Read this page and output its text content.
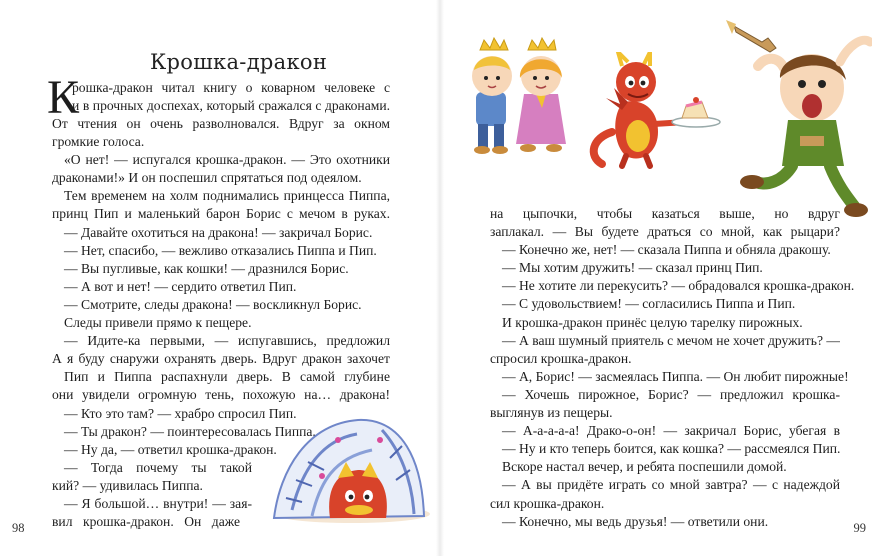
Крошка-дракон
К
рошка-дракон читал книгу о коварном человеке с
и в прочных доспехах, который сражался с драконами.
От чтения он очень разволновался. Вдруг за окном
громкие голоса.
«О нет! — испугался крошка-дракон. — Это охотники
драконами!» И он поспешил спрятаться под одеялом.
Тем временем на холм поднимались принцесса Пиппа,
принц Пип и маленький барон Борис с мечом в руках.
— Давайте охотиться на дракона! — закричал Борис.
— Нет, спасибо, — вежливо отказались Пиппа и Пип.
— Вы пугливые, как кошки! — дразнился Борис.
— А вот и нет! — сердито ответил Пип.
— Смотрите, следы дракона! — воскликнул Борис.
Следы привели прямо к пещере.
— Идите-ка первыми, — испугавшись, предложил
А я буду снаружи охранять дверь. Вдруг дракон захочет
Пип и Пиппа распахнули дверь. В самой глубине
они увидели огромную тень, похожую на… дракона!
— Кто это там? — храбро спросил Пип.
— Ты дракон? — поинтересовалась Пиппа.
— Ну да, — ответил крошка-дракон.
— Тогда почему ты такой
кий? — удивилась Пиппа.
— Я большой… внутри! — зая-
вил крошка-дракон. Он даже
98
на цыпочки, чтобы казаться выше, но вдруг
заплакал. — Вы будете драться со мной, как рыцари?
— Конечно же, нет! — сказала Пиппа и обняла дракошу.
— Мы хотим дружить! — сказал принц Пип.
— Не хотите ли перекусить? — обрадовался крошка-дракон.
— С удовольствием! — согласились Пиппа и Пип.
И крошка-дракон принёс целую тарелку пирожных.
— А ваш шумный приятель с мечом не хочет дружить? —
спросил крошка-дракон.
— А, Борис! — засмеялась Пиппа. — Он любит пирожные!
— Хочешь пирожное, Борис? — предложил крошка-
выглянув из пещеры.
— А-а-а-а-а! Драко-о-он! — закричал Борис, убегая в
— Ну и кто теперь боится, как кошка? — рассмеялся Пип.
Вскоре настал вечер, и ребята поспешили домой.
— А вы придёте играть со мной завтра? — с надеждой
сил крошка-дракон.
— Конечно, мы ведь друзья! — ответили они.	99
